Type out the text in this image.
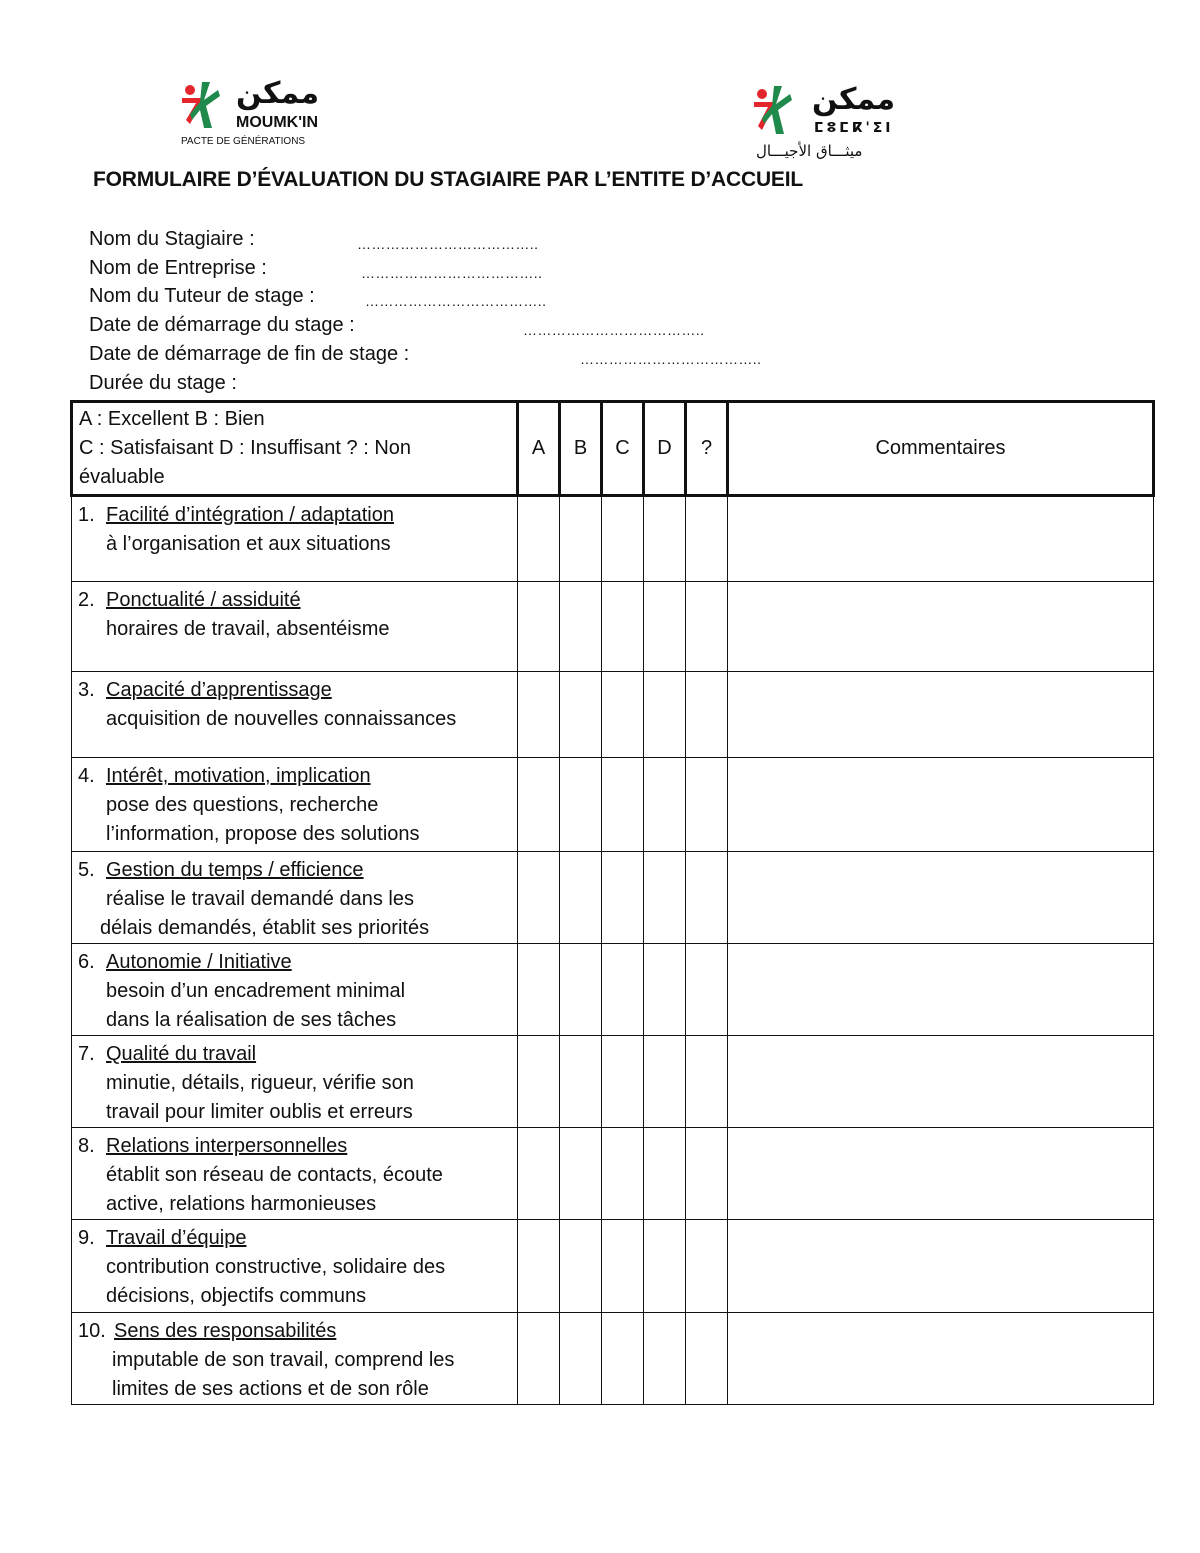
ممكن
MOUMK'IN
PACTE DE GÉNÉRATIONS
ممكن
ⵎⵓⵎⴽ'ⵉⵏ
ميثـــاق الأجيـــال
FORMULAIRE D’ÉVALUATION DU STAGIAIRE PAR L’ENTITE D’ACCUEIL
Nom du Stagiaire :	………………………………..
Nom de Entreprise :	………………………………..
Nom du Tuteur de stage :	………………………………..
Date de démarrage du stage :	………………………………..
Date de démarrage de fin de stage :	………………………………..
Durée du stage :
A : Excellent B : Bien
C : Satisfaisant D : Insuffisant ? : Non
évaluable	A	B	C	D	?	Commentaires

1. Facilité d’intégration / adaptation
à l’organisation et aux situations						

2. Ponctualité / assiduité
horaires de travail, absentéisme						

3. Capacité d’apprentissage
acquisition de nouvelles connaissances						

4. Intérêt, motivation, implication
pose des questions, recherche
l’information, propose des solutions						

5. Gestion du temps / efficience
réalise le travail demandé dans les
délais demandés, établit ses priorités						

6. Autonomie / Initiative
besoin d’un encadrement minimal
dans la réalisation de ses tâches						

7. Qualité du travail
minutie, détails, rigueur, vérifie son
travail pour limiter oublis et erreurs						

8. Relations interpersonnelles
établit son réseau de contacts, écoute
active, relations harmonieuses						

9. Travail d’équipe
contribution constructive, solidaire des
décisions, objectifs communs						

10. Sens des responsabilités
imputable de son travail, comprend les
limites de ses actions et de son rôle						
